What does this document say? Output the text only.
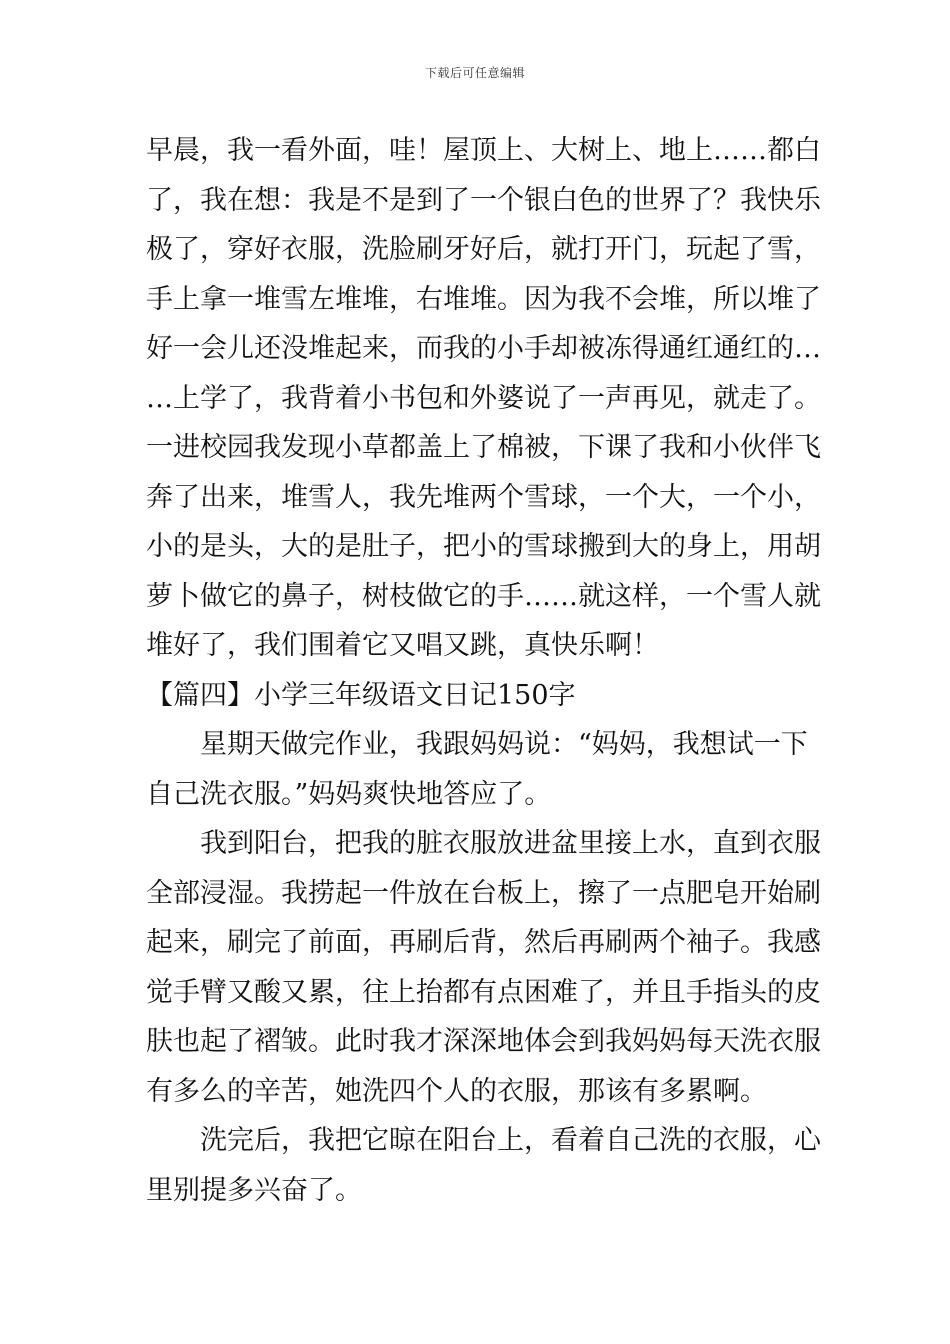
下载后可任意编辑
早晨，我一看外面，哇！屋顶上、大树上、地上……都白
了，我在想：我是不是到了一个银白色的世界了？我快乐
极了，穿好衣服，洗脸刷牙好后，就打开门，玩起了雪，
手上拿一堆雪左堆堆，右堆堆。因为我不会堆，所以堆了
好一会儿还没堆起来，而我的小手却被冻得通红通红的…
…上学了，我背着小书包和外婆说了一声再见，就走了。
一进校园我发现小草都盖上了棉被，下课了我和小伙伴飞
奔了出来，堆雪人，我先堆两个雪球，一个大，一个小，
小的是头，大的是肚子，把小的雪球搬到大的身上，用胡
萝卜做它的鼻子，树枝做它的手……就这样，一个雪人就
堆好了，我们围着它又唱又跳，真快乐啊！
【篇四】小学三年级语文日记150字
星期天做完作业，我跟妈妈说：“妈妈，我想试一下
自己洗衣服。”妈妈爽快地答应了。
我到阳台，把我的脏衣服放进盆里接上水，直到衣服
全部浸湿。我捞起一件放在台板上，擦了一点肥皂开始刷
起来，刷完了前面，再刷后背，然后再刷两个袖子。我感
觉手臂又酸又累，往上抬都有点困难了，并且手指头的皮
肤也起了褶皱。此时我才深深地体会到我妈妈每天洗衣服
有多么的辛苦，她洗四个人的衣服，那该有多累啊。
洗完后，我把它晾在阳台上，看着自己洗的衣服，心
里别提多兴奋了。
